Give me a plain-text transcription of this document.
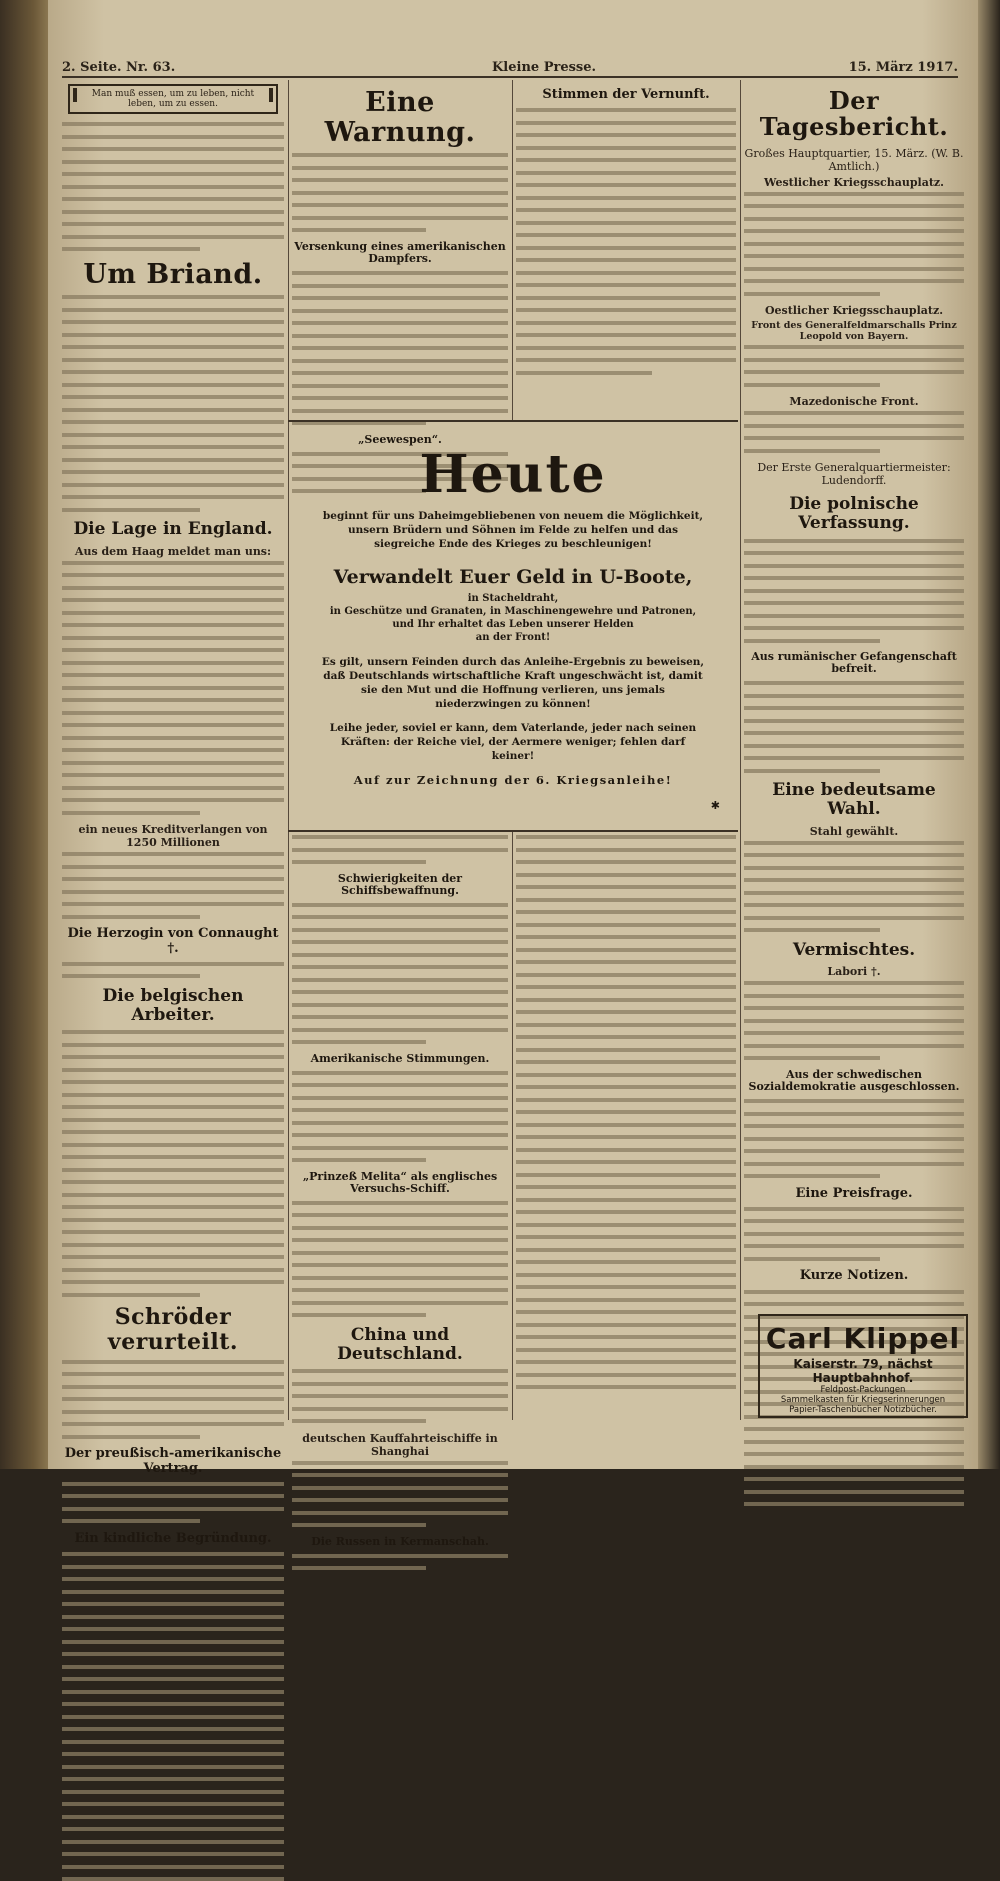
2. Seite. Nr. 63.	Kleine Presse.	15. März 1917.
Man muß essen, um zu leben, nicht leben, um zu essen.
Um Briand.
Die Lage in England.
Aus dem Haag meldet man uns:
ein neues Kreditverlangen von 1250 Millionen
Die Herzogin von Connaught †.
Die belgischen Arbeiter.
Schröder verurteilt.
Der preußisch-amerikanische Vertrag.
Ein kindliche Begründung.
Eine Warnung.
Versenkung eines amerikanischen Dampfers.
„Seewespen“.
Stimmen der Vernunft.
Heute

beginnt für uns Daheimgebliebenen von neuem die Möglichkeit, unsern Brüdern und Söhnen im Felde zu helfen und das siegreiche Ende des Krieges zu beschleunigen!

Verwandelt Euer Geld in U-Boote,
in Stacheldraht,
in Geschütze und Granaten, in Maschinengewehre und Patronen,
und Ihr erhaltet das Leben unserer Helden
an der Front!

Es gilt, unsern Feinden durch das Anleihe-Ergebnis zu beweisen, daß Deutschlands wirtschaftliche Kraft ungeschwächt ist, damit sie den Mut und die Hoffnung verlieren, uns jemals niederzwingen zu können!

Leihe jeder, soviel er kann, dem Vaterlande, jeder nach seinen Kräften: der Reiche viel, der Aermere weniger; fehlen darf keiner!

Auf zur Zeichnung der 6. Kriegsanleihe!
✱
Schwierigkeiten der Schiffsbewaffnung.
Amerikanische Stimmungen.
„Prinzeß Melita“ als englisches Versuchs-Schiff.
China und Deutschland.
deutschen Kauffahrteischiffe in Shanghai
Die Russen in Kermanschah.
Der Tagesbericht.
Großes Hauptquartier, 15. März. (W. B. Amtlich.)
Westlicher Kriegsschauplatz.
Oestlicher Kriegsschauplatz.
Front des Generalfeldmarschalls Prinz Leopold von Bayern.
Mazedonische Front.
Der Erste Generalquartiermeister: Ludendorff.
Die polnische Verfassung.
Aus rumänischer Gefangenschaft befreit.
Eine bedeutsame Wahl.
Stahl gewählt.
Vermischtes.
Labori †.
Aus der schwedischen Sozialdemokratie ausgeschlossen.
Eine Preisfrage.
Kurze Notizen.
Carl Klippel
Kaiserstr. 79, nächst Hauptbahnhof.
Feldpost-Packungen
Sammelkasten für Kriegserinnerungen
Papier-Taschenbücher Notizbücher.
